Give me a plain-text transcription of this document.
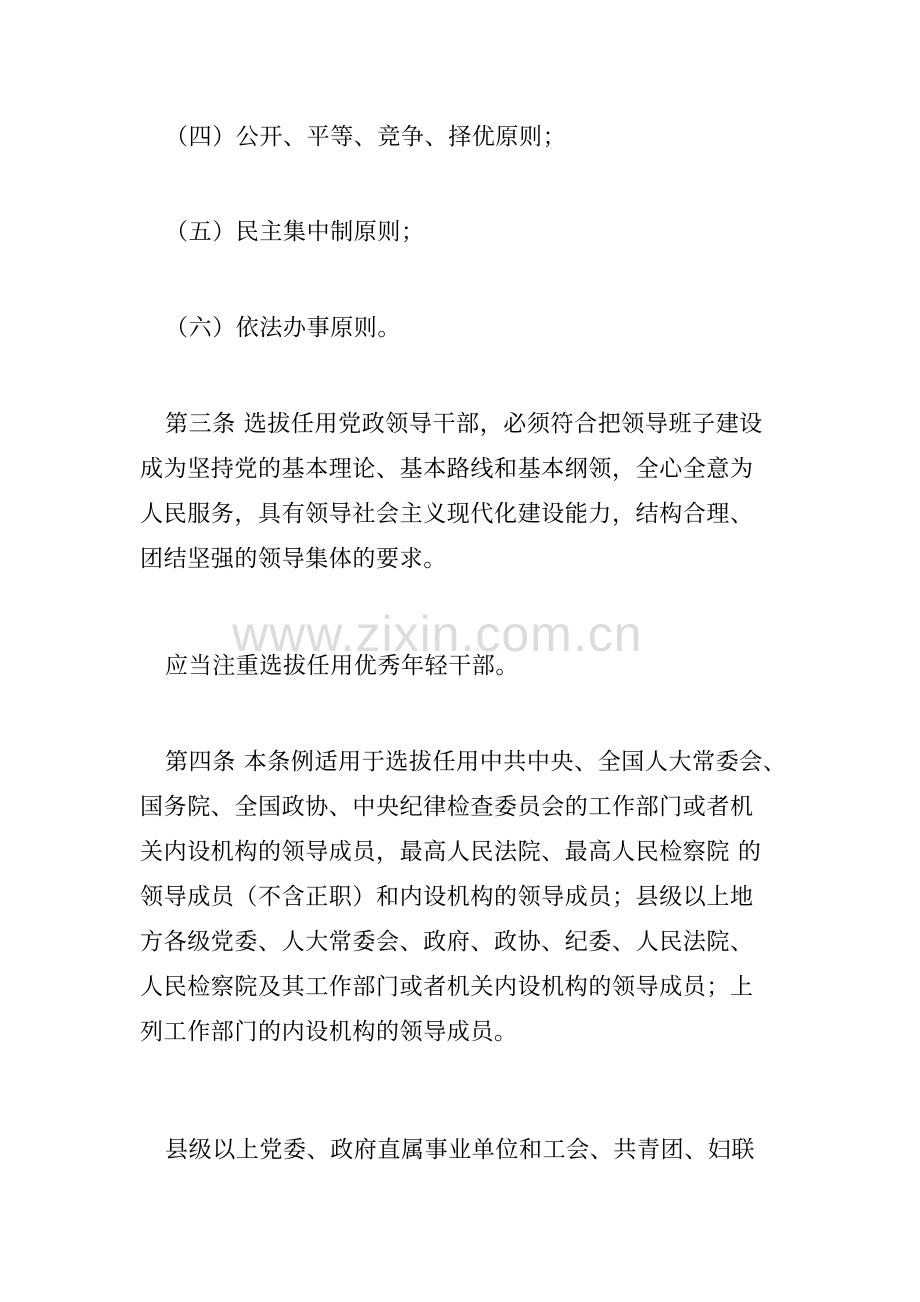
（四）公开、平等、竞争、择优原则；
（五）民主集中制原则；
（六）依法办事原则。
第三条 选拔任用党政领导干部，必须符合把领导班子建设
成为坚持党的基本理论、基本路线和基本纲领，全心全意为
人民服务，具有领导社会主义现代化建设能力，结构合理、
团结坚强的领导集体的要求。
应当注重选拔任用优秀年轻干部。
第四条 本条例适用于选拔任用中共中央、全国人大常委会、
国务院、全国政协、中央纪律检查委员会的工作部门或者机
关内设机构的领导成员，最高人民法院、最高人民检察院 的
领导成员（不含正职）和内设机构的领导成员；县级以上地
方各级党委、人大常委会、政府、政协、纪委、人民法院、
人民检察院及其工作部门或者机关内设机构的领导成员；上
列工作部门的内设机构的领导成员。
县级以上党委、政府直属事业单位和工会、共青团、妇联
www.zixin.com.cn
